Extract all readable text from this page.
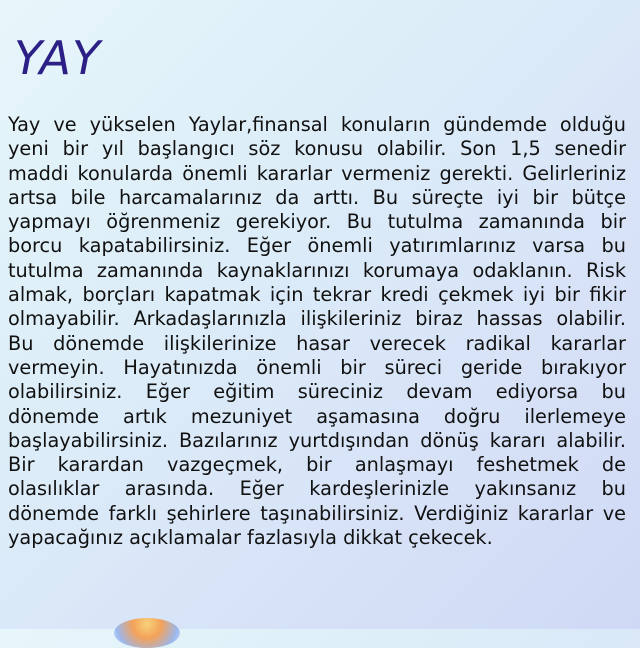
YAY
Yay ve yükselen Yaylar,finansal konuların gündemde olduğu
yeni bir yıl başlangıcı söz konusu olabilir. Son 1,5 senedir
maddi konularda önemli kararlar vermeniz gerekti. Gelirleriniz
artsa bile harcamalarınız da arttı. Bu süreçte iyi bir bütçe
yapmayı öğrenmeniz gerekiyor. Bu tutulma zamanında bir
borcu kapatabilirsiniz. Eğer önemli yatırımlarınız varsa bu
tutulma zamanında kaynaklarınızı korumaya odaklanın. Risk
almak, borçları kapatmak için tekrar kredi çekmek iyi bir fikir
olmayabilir. Arkadaşlarınızla ilişkileriniz biraz hassas olabilir.
Bu dönemde ilişkilerinize hasar verecek radikal kararlar
vermeyin. Hayatınızda önemli bir süreci geride bırakıyor
olabilirsiniz. Eğer eğitim süreciniz devam ediyorsa bu
dönemde artık mezuniyet aşamasına doğru ilerlemeye
başlayabilirsiniz. Bazılarınız yurtdışından dönüş kararı alabilir.
Bir karardan vazgeçmek, bir anlaşmayı feshetmek de
olasılıklar arasında. Eğer kardeşlerinizle yakınsanız bu
dönemde farklı şehirlere taşınabilirsiniz. Verdiğiniz kararlar ve
yapacağınız açıklamalar fazlasıyla dikkat çekecek.
